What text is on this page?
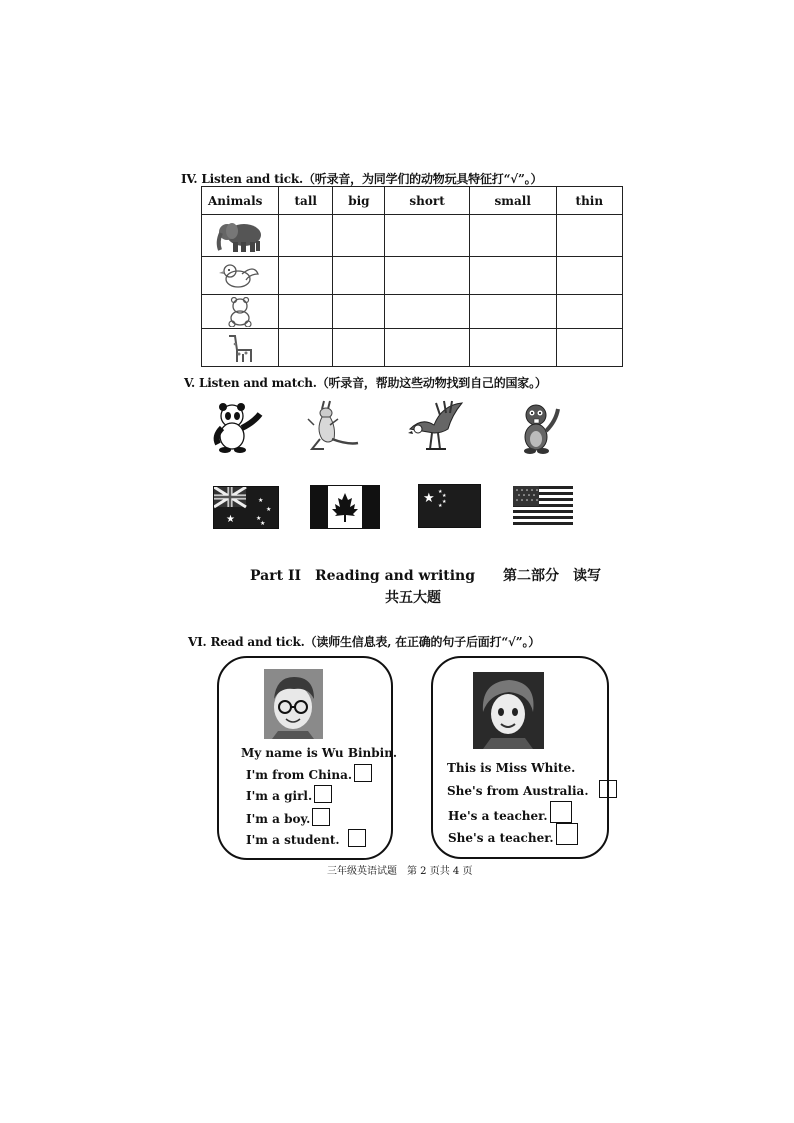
IV. Listen and tick.（听录音，为同学们的动物玩具特征打“√”。）
Animals	tall	big	short	small	thin

V. Listen and match.（听录音，帮助这些动物找到自己的国家。）
★
★
★
★
★
★ ★
★
★
★
Part II　Reading and writing　　第二部分　读写
共五大题
VI. Read and tick.（读师生信息表, 在正确的句子后面打“√”。）
My name is Wu Binbin.
I'm from China.
I'm a girl.
I'm a boy.
I'm a student.
This is Miss White.
She's from Australia.
He's a teacher.
She's a teacher.
三年级英语试题　第 2 页共 4 页
